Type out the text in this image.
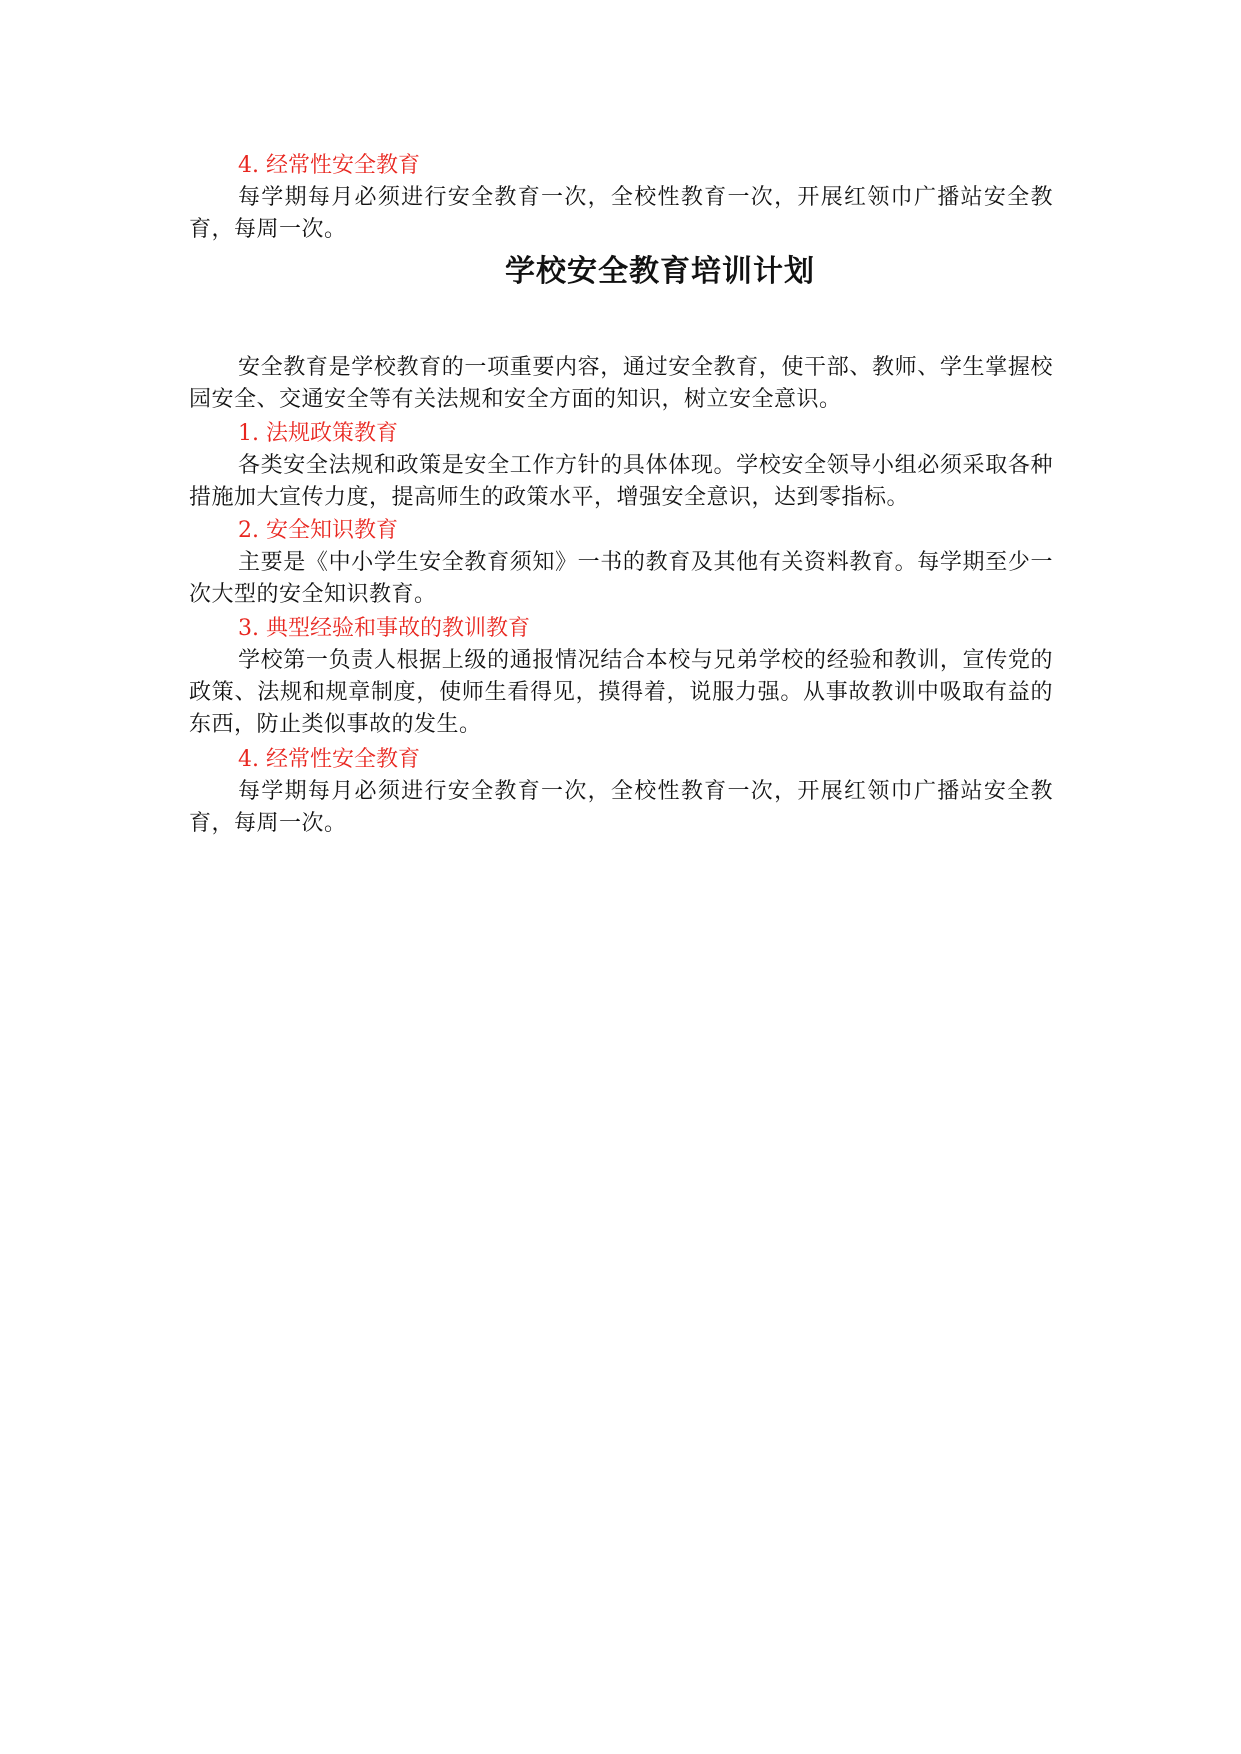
4. 经常性安全教育
每学期每月必须进行安全教育一次，全校性教育一次，开展红领巾广播站安全教育，每周一次。
学校安全教育培训计划
安全教育是学校教育的一项重要内容，通过安全教育，使干部、教师、学生掌握校园安全、交通安全等有关法规和安全方面的知识，树立安全意识。
1. 法规政策教育
各类安全法规和政策是安全工作方针的具体体现。学校安全领导小组必须采取各种措施加大宣传力度，提高师生的政策水平，增强安全意识，达到零指标。
2. 安全知识教育
主要是《中小学生安全教育须知》一书的教育及其他有关资料教育。每学期至少一次大型的安全知识教育。
3. 典型经验和事故的教训教育
学校第一负责人根据上级的通报情况结合本校与兄弟学校的经验和教训，宣传党的政策、法规和规章制度，使师生看得见，摸得着，说服力强。从事故教训中吸取有益的东西，防止类似事故的发生。
4. 经常性安全教育
每学期每月必须进行安全教育一次，全校性教育一次，开展红领巾广播站安全教育，每周一次。
